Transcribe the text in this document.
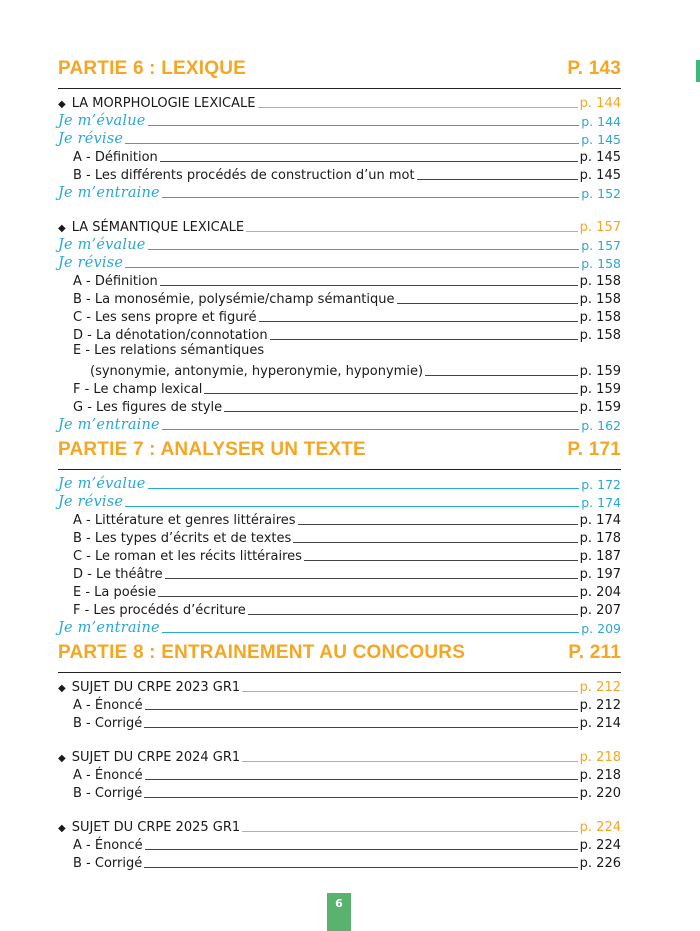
PARTIE 6 : LEXIQUE	P. 143
◆ LA MORPHOLOGIE LEXICALE	p. 144
Je m’évalue	p. 144
Je révise	p. 145
A - Définition	p. 145
B - Les différents procédés de construction d’un mot	p. 145
Je m’entraine	p. 152
◆ LA SÉMANTIQUE LEXICALE	p. 157
Je m’évalue	p. 157
Je révise	p. 158
A - Définition	p. 158
B - La monosémie, polysémie/champ sémantique	p. 158
C - Les sens propre et figuré	p. 158
D - La dénotation/connotation	p. 158
E - Les relations sémantiques
(synonymie, antonymie, hyperonymie, hyponymie)	p. 159
F - Le champ lexical	p. 159
G - Les figures de style	p. 159
Je m’entraine	p. 162
PARTIE 7 : ANALYSER UN TEXTE	P. 171
Je m’évalue	p. 172
Je révise	p. 174
A - Littérature et genres littéraires	p. 174
B - Les types d’écrits et de textes	p. 178
C - Le roman et les récits littéraires	p. 187
D - Le théâtre	p. 197
E - La poésie	p. 204
F - Les procédés d’écriture	p. 207
Je m’entraine	p. 209
PARTIE 8 : ENTRAINEMENT AU CONCOURS	P. 211
◆ SUJET DU CRPE 2023 GR1	p. 212
A - Énoncé	p. 212
B - Corrigé	p. 214
◆ SUJET DU CRPE 2024 GR1	p. 218
A - Énoncé	p. 218
B - Corrigé	p. 220
◆ SUJET DU CRPE 2025 GR1	p. 224
A - Énoncé	p. 224
B - Corrigé	p. 226
6
